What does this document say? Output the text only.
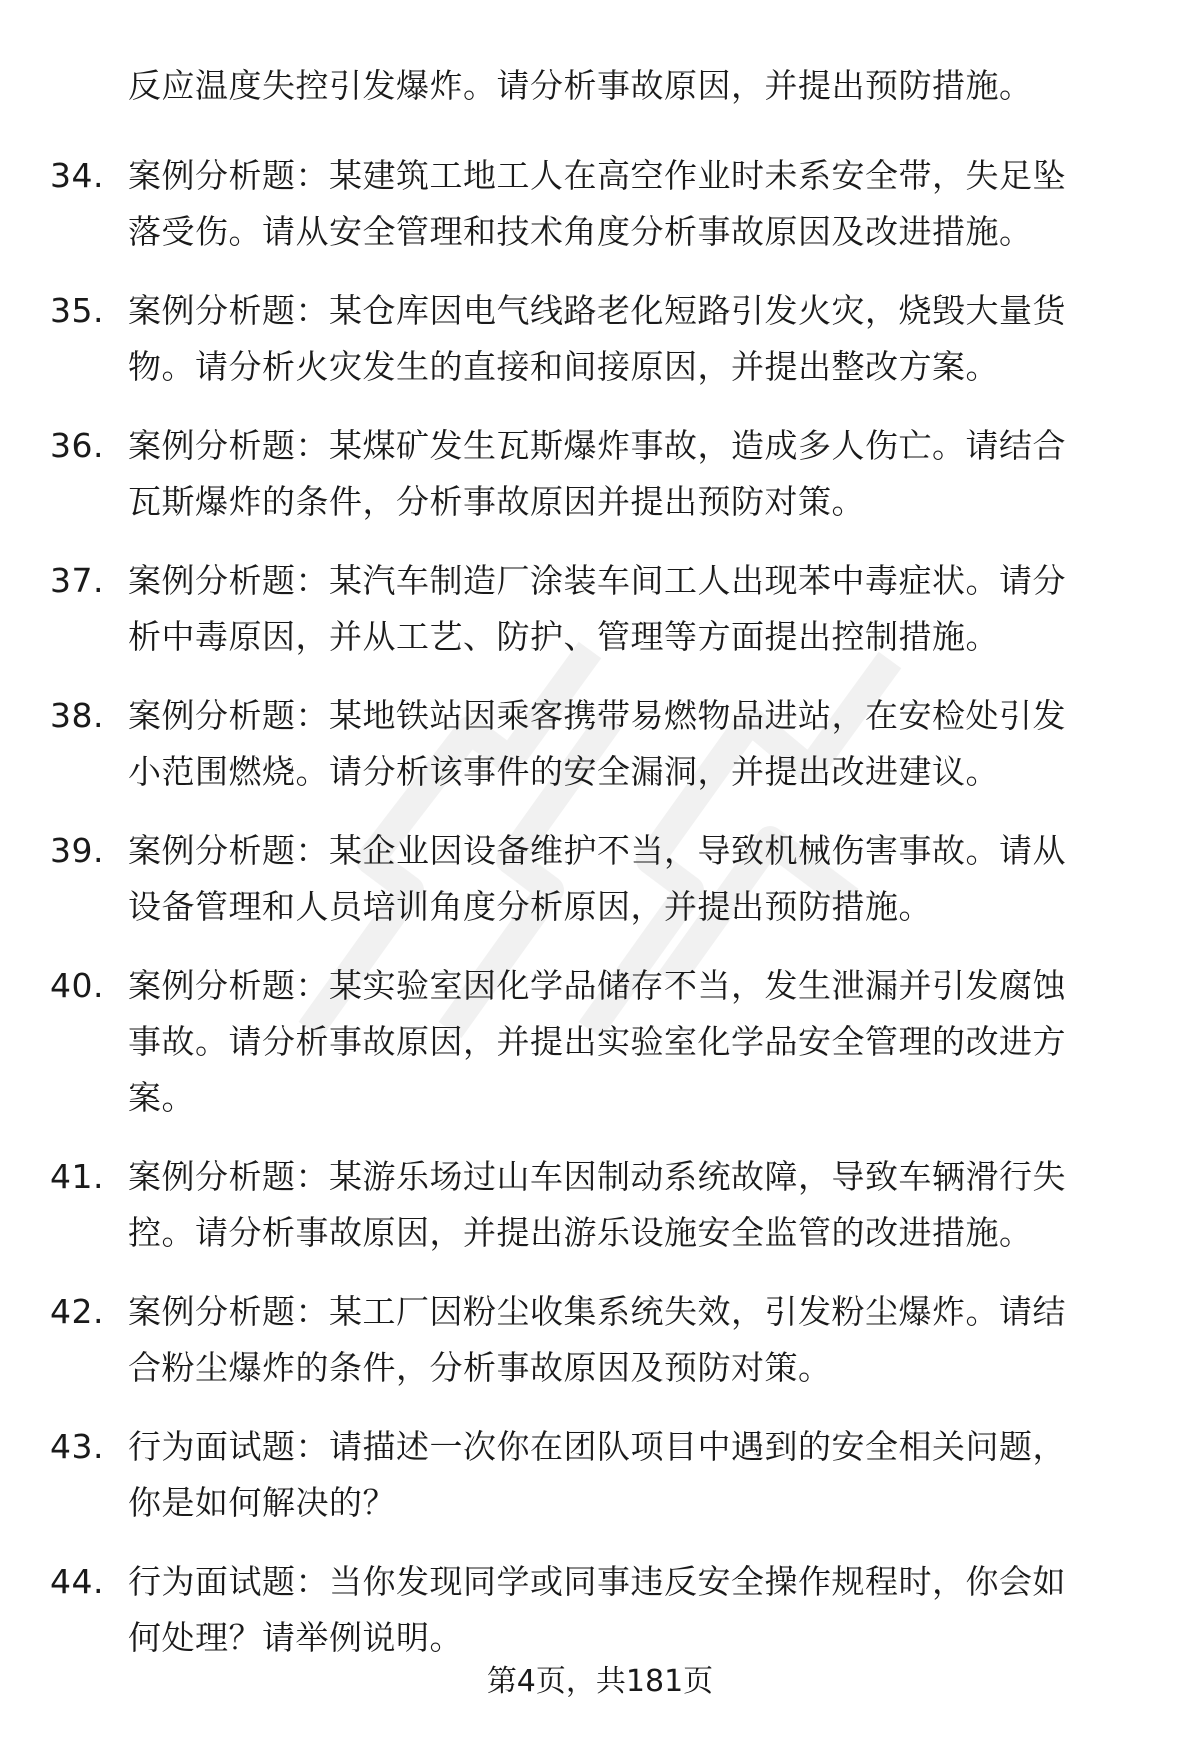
反应温度失控引发爆炸。请分析事故原因，并提出预防措施。
34. 案例分析题：某建筑工地工人在高空作业时未系安全带，失足坠
落受伤。请从安全管理和技术角度分析事故原因及改进措施。
35. 案例分析题：某仓库因电气线路老化短路引发火灾，烧毁大量货
物。请分析火灾发生的直接和间接原因，并提出整改方案。
36. 案例分析题：某煤矿发生瓦斯爆炸事故，造成多人伤亡。请结合
瓦斯爆炸的条件，分析事故原因并提出预防对策。
37. 案例分析题：某汽车制造厂涂装车间工人出现苯中毒症状。请分
析中毒原因，并从工艺、防护、管理等方面提出控制措施。
38. 案例分析题：某地铁站因乘客携带易燃物品进站，在安检处引发
小范围燃烧。请分析该事件的安全漏洞，并提出改进建议。
39. 案例分析题：某企业因设备维护不当，导致机械伤害事故。请从
设备管理和人员培训角度分析原因，并提出预防措施。
40. 案例分析题：某实验室因化学品储存不当，发生泄漏并引发腐蚀
事故。请分析事故原因，并提出实验室化学品安全管理的改进方
案。
41. 案例分析题：某游乐场过山车因制动系统故障，导致车辆滑行失
控。请分析事故原因，并提出游乐设施安全监管的改进措施。
42. 案例分析题：某工厂因粉尘收集系统失效，引发粉尘爆炸。请结
合粉尘爆炸的条件，分析事故原因及预防对策。
43. 行为面试题：请描述一次你在团队项目中遇到的安全相关问题，
你是如何解决的？
44. 行为面试题：当你发现同学或同事违反安全操作规程时，你会如
何处理？请举例说明。
第4页，共181页
